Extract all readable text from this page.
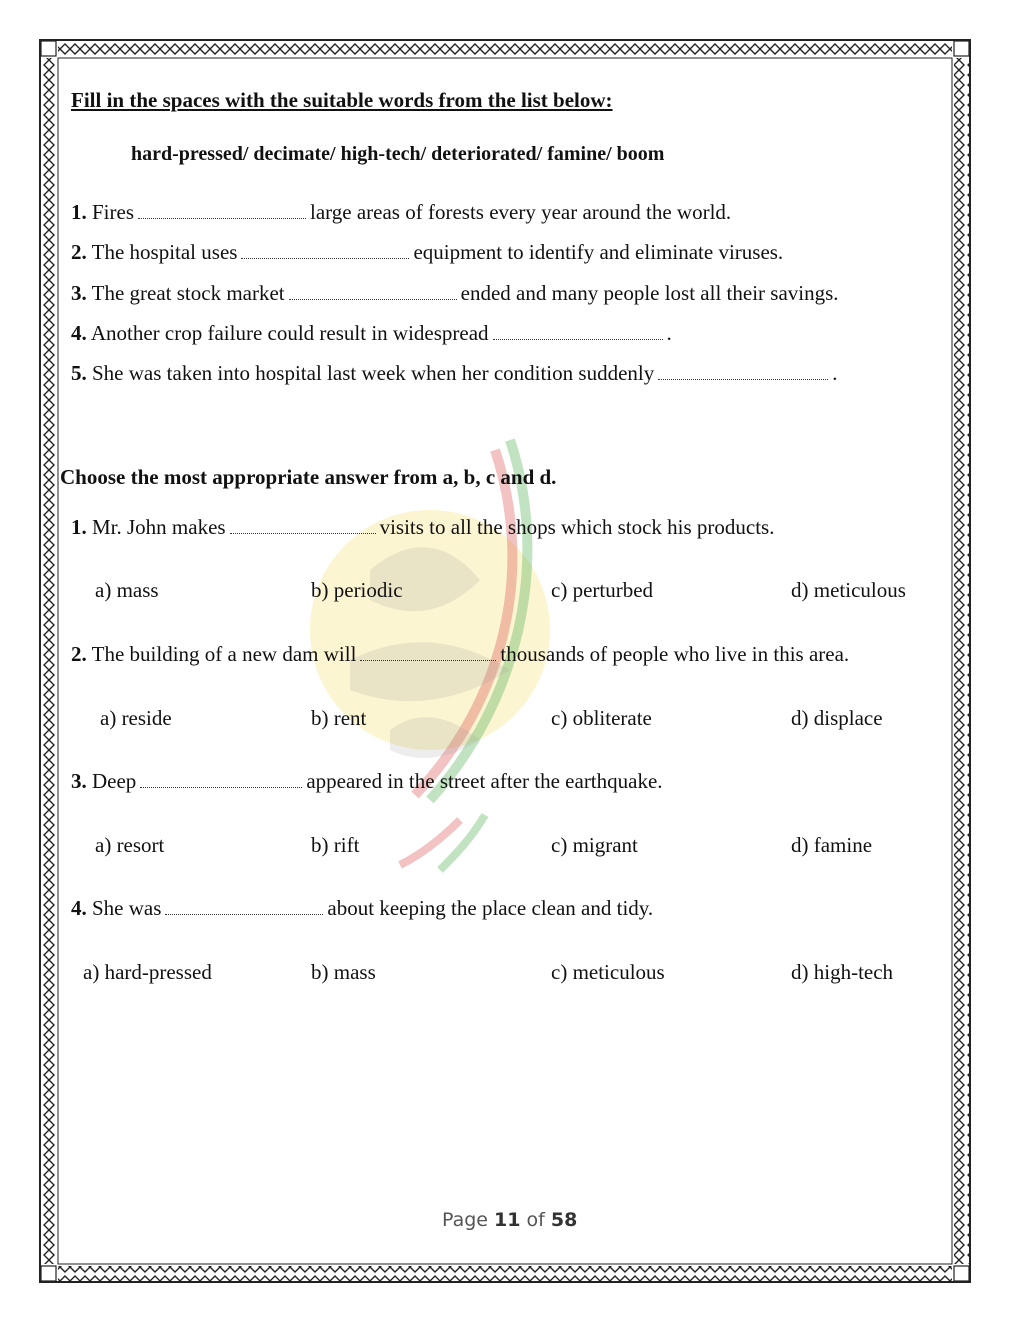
Fill in the spaces with the suitable words from the list below:
hard-pressed/ decimate/ high-tech/ deteriorated/ famine/ boom
1. Fires	large areas of forests every year around the world.
2. The hospital uses	equipment to identify and eliminate viruses.
3. The great stock market	ended and many people lost all their savings.
4. Another crop failure could result in widespread	.
5. She was taken into hospital last week when her condition suddenly	.
Choose the most appropriate answer from a, b, c and d.
1. Mr. John makes	visits to all the shops which stock his products.
a) mass	b) periodic	c) perturbed	d) meticulous
2. The building of a new dam will	thousands of people who live in this area.
a) reside	b) rent	c) obliterate	d) displace
3. Deep	appeared in the street after the earthquake.
a) resort	b) rift	c) migrant	d) famine
4. She was	about keeping the place clean and tidy.
a) hard-pressed	b) mass	c) meticulous	d) high-tech
Page 11 of 58
